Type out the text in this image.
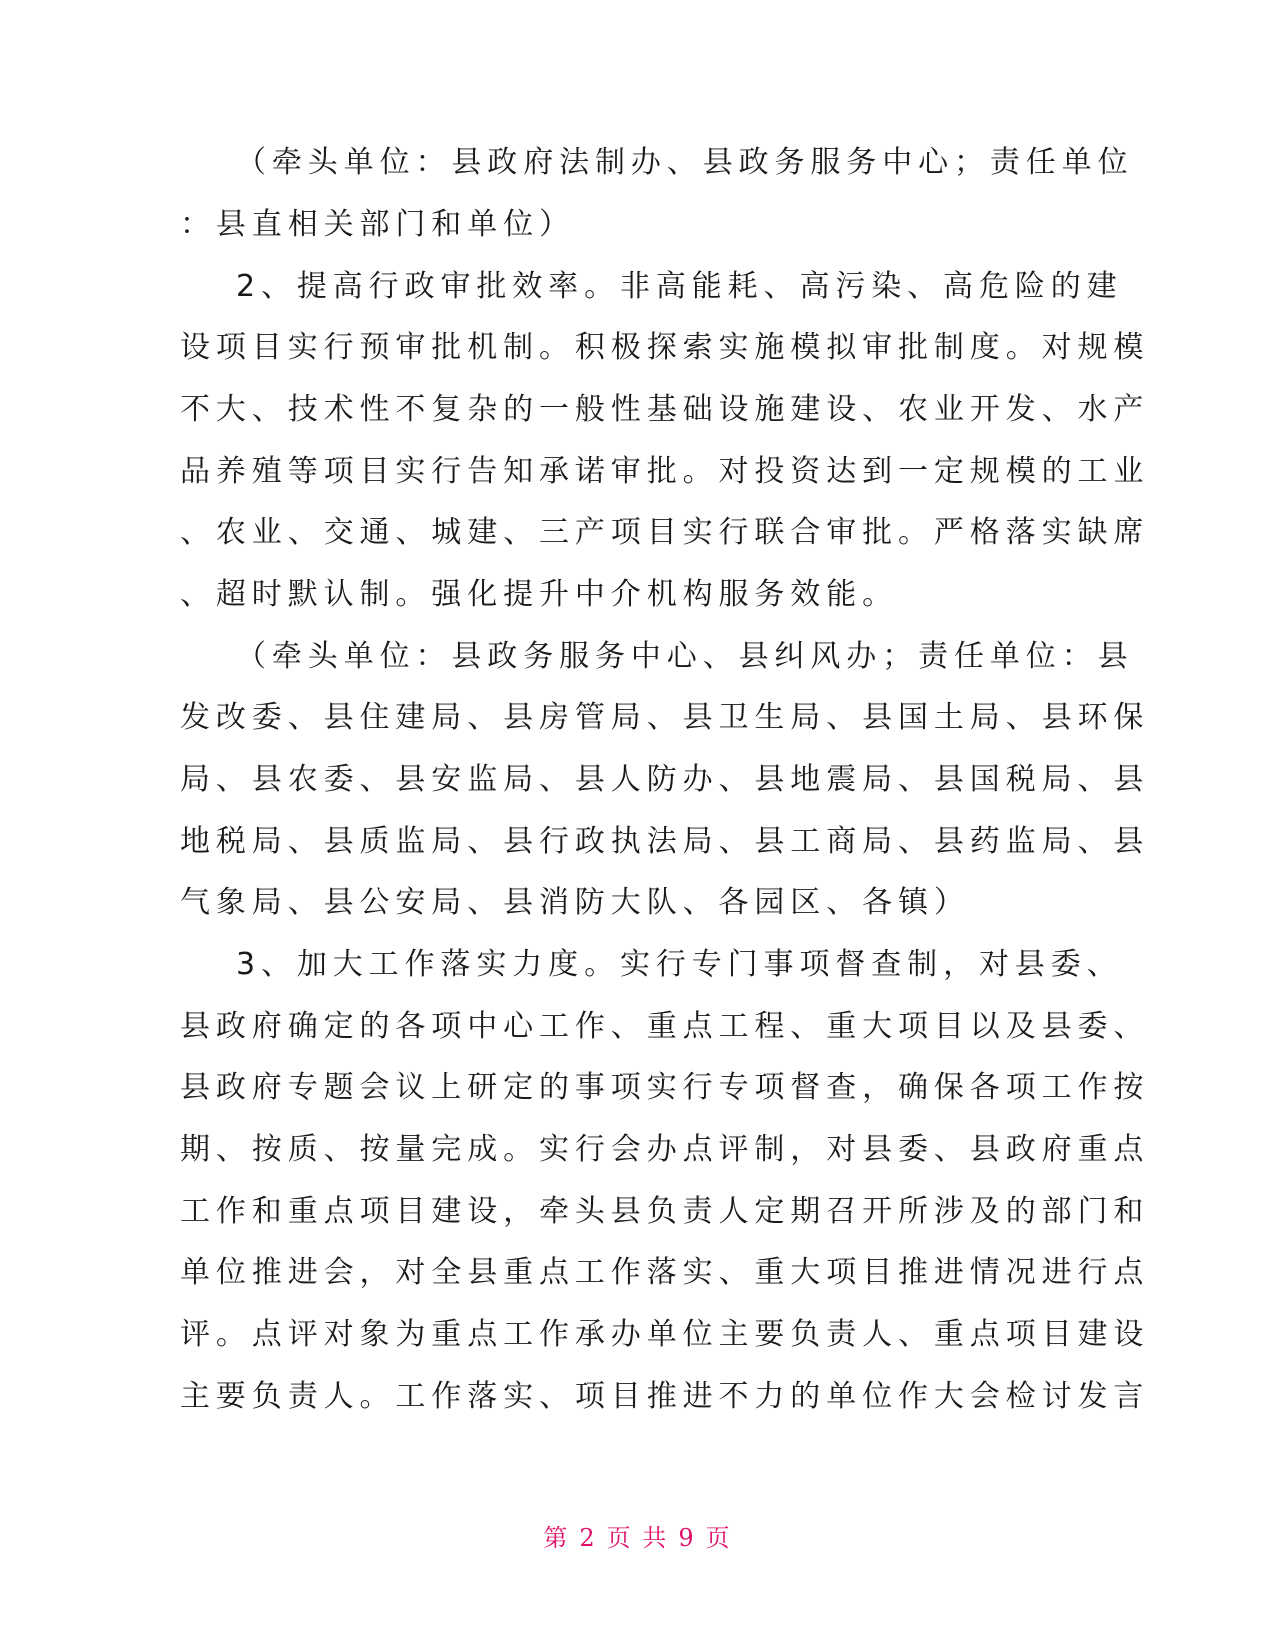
（牵头单位：县政府法制办、县政务服务中心；责任单位
：县直相关部门和单位）
2、提高行政审批效率。非高能耗、高污染、高危险的建
设项目实行预审批机制。积极探索实施模拟审批制度。对规模
不大、技术性不复杂的一般性基础设施建设、农业开发、水产
品养殖等项目实行告知承诺审批。对投资达到一定规模的工业
、农业、交通、城建、三产项目实行联合审批。严格落实缺席
、超时默认制。强化提升中介机构服务效能。
（牵头单位：县政务服务中心、县纠风办；责任单位：县
发改委、县住建局、县房管局、县卫生局、县国土局、县环保
局、县农委、县安监局、县人防办、县地震局、县国税局、县
地税局、县质监局、县行政执法局、县工商局、县药监局、县
气象局、县公安局、县消防大队、各园区、各镇）
3、加大工作落实力度。实行专门事项督查制，对县委、
县政府确定的各项中心工作、重点工程、重大项目以及县委、
县政府专题会议上研定的事项实行专项督查，确保各项工作按
期、按质、按量完成。实行会办点评制，对县委、县政府重点
工作和重点项目建设，牵头县负责人定期召开所涉及的部门和
单位推进会，对全县重点工作落实、重大项目推进情况进行点
评。点评对象为重点工作承办单位主要负责人、重点项目建设
主要负责人。工作落实、项目推进不力的单位作大会检讨发言
第 2 页 共 9 页
